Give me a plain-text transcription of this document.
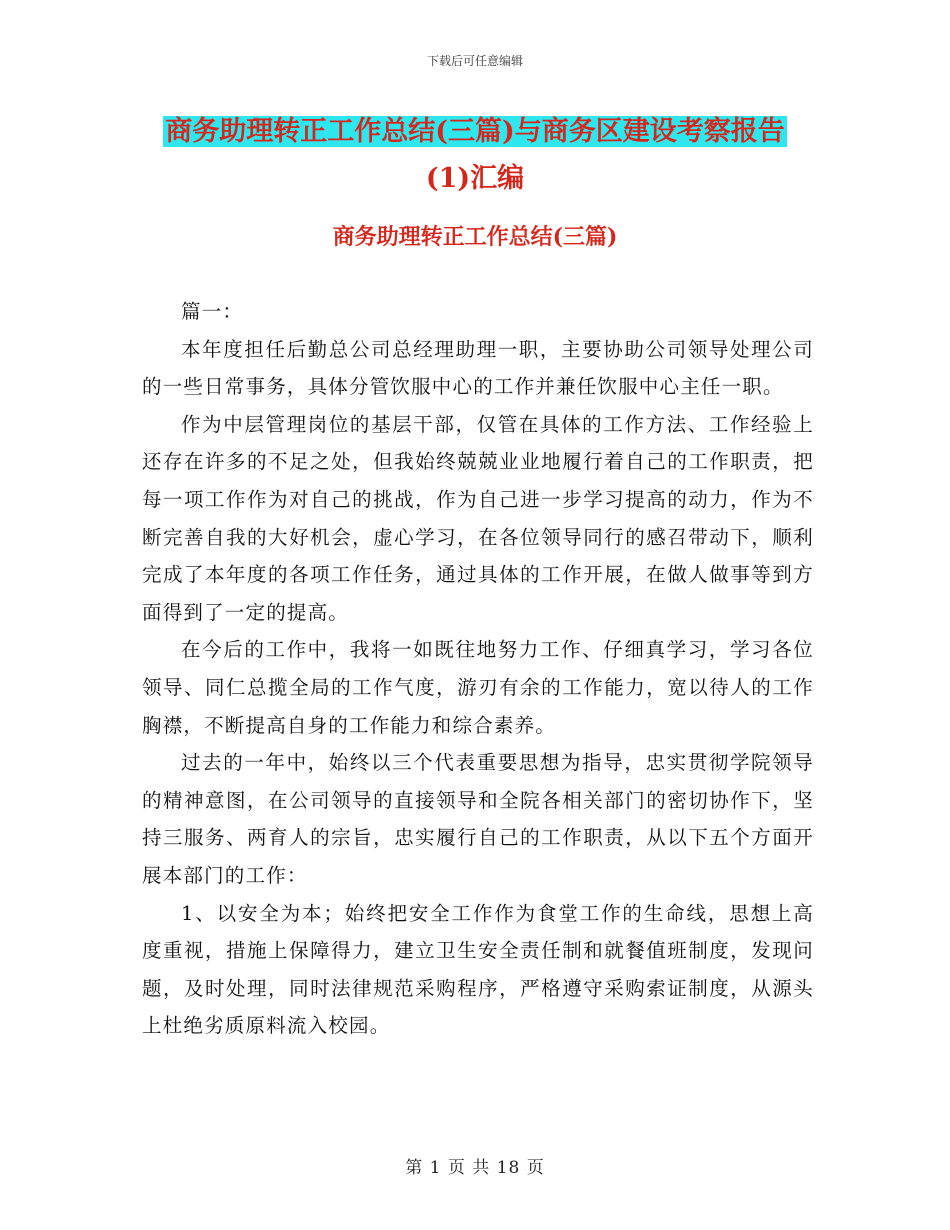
下载后可任意编辑
商务助理转正工作总结(三篇)与商务区建设考察报告
(1)汇编
商务助理转正工作总结(三篇)

篇一：

本年度担任后勤总公司总经理助理一职，主要协助公司领导处理公司的一些日常事务，具体分管饮服中心的工作并兼任饮服中心主任一职。

作为中层管理岗位的基层干部，仅管在具体的工作方法、工作经验上还存在许多的不足之处，但我始终兢兢业业地履行着自己的工作职责，把每一项工作作为对自己的挑战，作为自己进一步学习提高的动力，作为不断完善自我的大好机会，虚心学习，在各位领导同行的感召带动下，顺利完成了本年度的各项工作任务，通过具体的工作开展，在做人做事等到方面得到了一定的提高。

在今后的工作中，我将一如既往地努力工作、仔细真学习，学习各位领导、同仁总揽全局的工作气度，游刃有余的工作能力，宽以待人的工作胸襟，不断提高自身的工作能力和综合素养。

过去的一年中，始终以三个代表重要思想为指导，忠实贯彻学院领导的精神意图，在公司领导的直接领导和全院各相关部门的密切协作下，坚持三服务、两育人的宗旨，忠实履行自己的工作职责，从以下五个方面开展本部门的工作：

1、以安全为本；始终把安全工作作为食堂工作的生命线，思想上高度重视，措施上保障得力，建立卫生安全责任制和就餐值班制度，发现问题，及时处理，同时法律规范采购程序，严格遵守采购索证制度，从源头上杜绝劣质原料流入校园。

第 1 页 共 18 页
